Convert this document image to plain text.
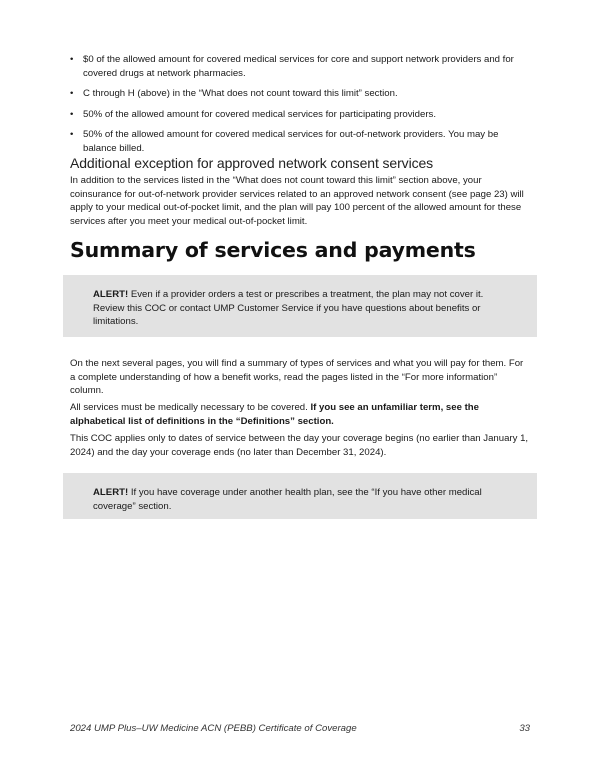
• $0 of the allowed amount for covered medical services for core and support network providers and for covered drugs at network pharmacies.
• C through H (above) in the “What does not count toward this limit” section.
• 50% of the allowed amount for covered medical services for participating providers.
• 50% of the allowed amount for covered medical services for out-of-network providers. You may be balance billed.
Additional exception for approved network consent services

In addition to the services listed in the “What does not count toward this limit” section above, your coinsurance for out-of-network provider services related to an approved network consent (see page 23) will apply to your medical out-of-pocket limit, and the plan will pay 100 percent of the allowed amount for these services after you meet your medical out-of-pocket limit.

Summary of services and payments
ALERT! Even if a provider orders a test or prescribes a treatment, the plan may not cover it. Review this COC or contact UMP Customer Service if you have questions about benefits or limitations.

On the next several pages, you will find a summary of types of services and what you will pay for them. For a complete understanding of how a benefit works, read the pages listed in the “For more information” column.

All services must be medically necessary to be covered. If you see an unfamiliar term, see the alphabetical list of definitions in the “Definitions” section.

This COC applies only to dates of service between the day your coverage begins (no earlier than January 1, 2024) and the day your coverage ends (no later than December 31, 2024).

ALERT! If you have coverage under another health plan, see the “If you have other medical coverage” section.
2024 UMP Plus–UW Medicine ACN (PEBB) Certificate of Coverage	33
